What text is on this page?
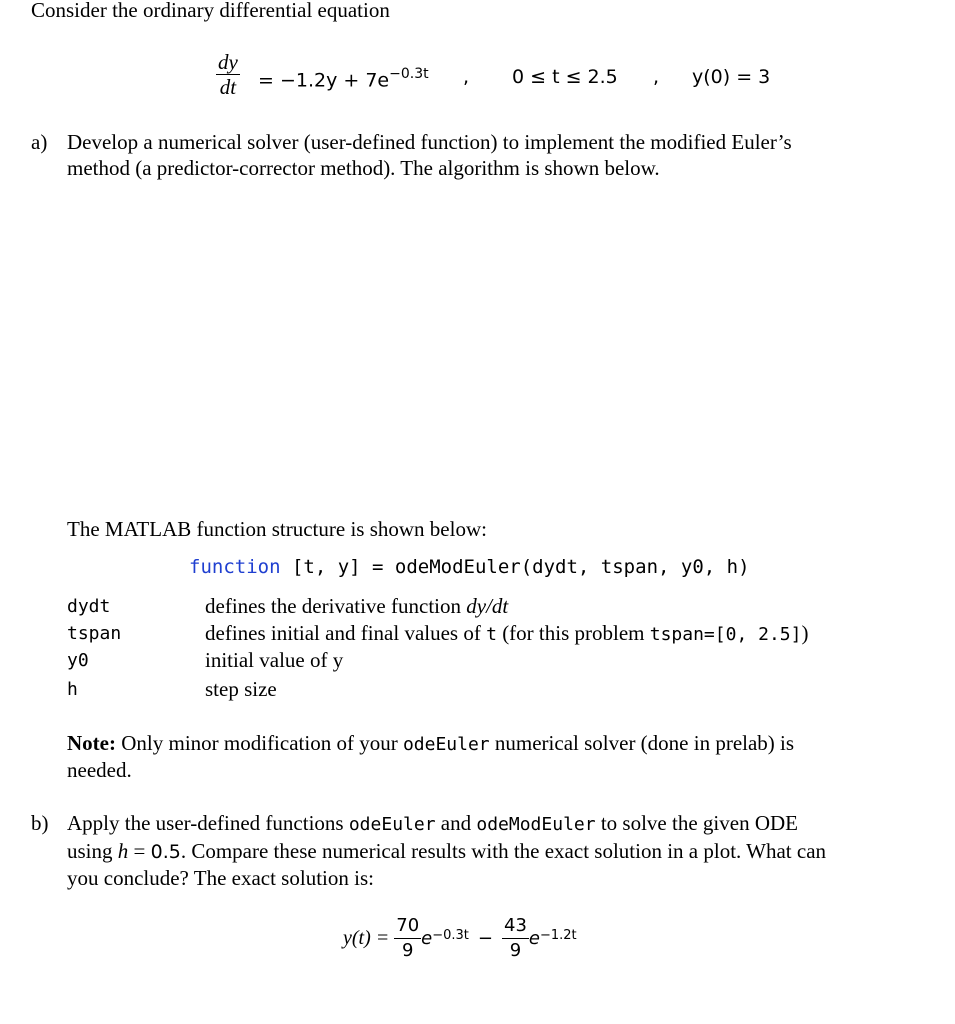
Consider the ordinary differential equation
$\frac{dy}{dt} = -1.2y + 7e^{-0.3t}$ , 0 ≤ t ≤ 2.5 , y(0) = 3
a) Develop a numerical solver (user-defined function) to implement the modified Euler’s
method (a predictor-corrector method). The algorithm is shown below.
The MATLAB function structure is shown below:
function [t, y] = odeModEuler(dydt, tspan, y0, h)
dydt	defines the derivative function dy/dt
tspan	defines initial and final values of t (for this problem tspan=[0, 2.5])
y0	initial value of y
h	step size
Note: Only minor modification of your odeEuler numerical solver (done in prelab) is
needed.
b) Apply the user-defined functions odeEuler and odeModEuler to solve the given ODE
using h = 0.5. Compare these numerical results with the exact solution in a plot. What can
you conclude? The exact solution is:
$y(t) = \frac{70}{9} e^{-0.3t} - \frac{43}{9} e^{-1.2t}$
